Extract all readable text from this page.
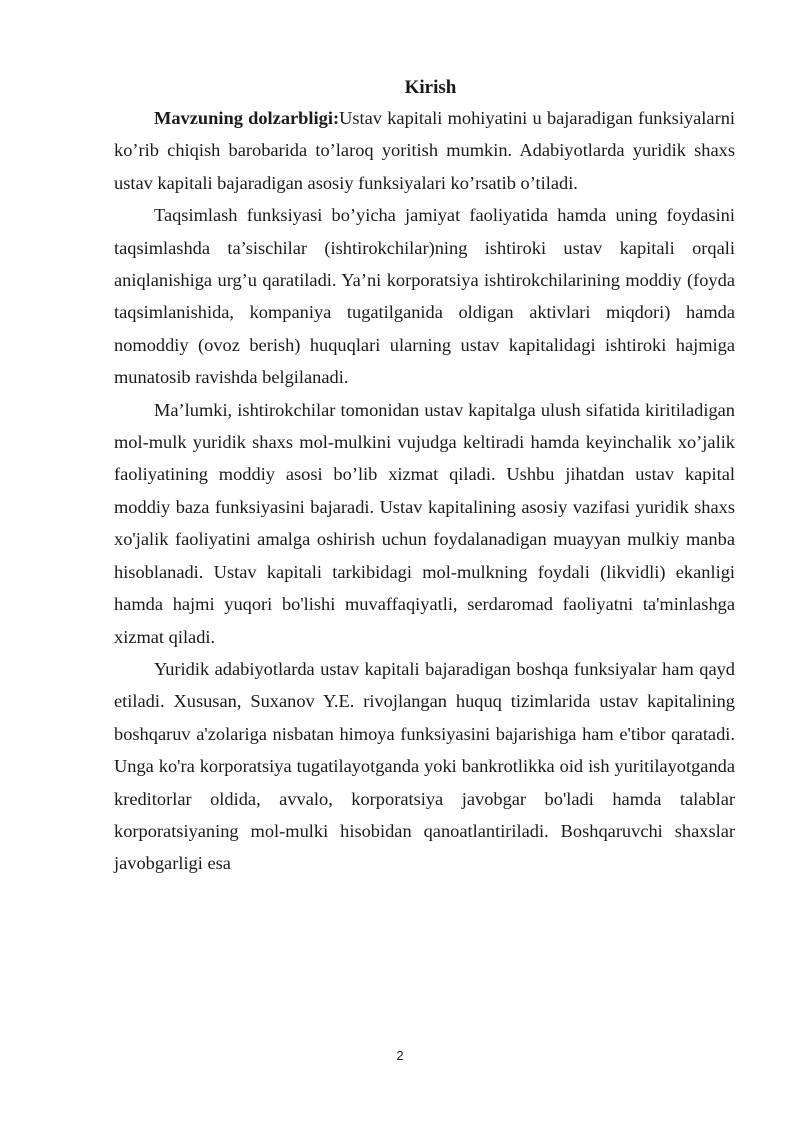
Kirish

Mavzuning dolzarbligi:Ustav kapitali mohiyatini u bajaradigan funksiyalarni ko’rib chiqish barobarida to’laroq yoritish mumkin. Adabiyotlarda yuridik shaxs ustav kapitali bajaradigan asosiy funksiyalari ko’rsatib o’tiladi.

Taqsimlash funksiyasi bo’yicha jamiyat faoliyatida hamda uning foydasini taqsimlashda ta’sischilar (ishtirokchilar)ning ishtiroki ustav kapitali orqali aniqlanishiga urg’u qaratiladi. Ya’ni korporatsiya ishtirokchilarining moddiy (foyda taqsimlanishida, kompaniya tugatilganida oldigan aktivlari miqdori) hamda nomoddiy (ovoz berish) huquqlari ularning ustav kapitalidagi ishtiroki hajmiga munatosib ravishda belgilanadi.

Ma’lumki, ishtirokchilar tomonidan ustav kapitalga ulush sifatida kiritiladigan mol-mulk yuridik shaxs mol-mulkini vujudga keltiradi hamda keyinchalik xo’jalik faoliyatining moddiy asosi bo’lib xizmat qiladi. Ushbu jihatdan ustav kapital moddiy baza funksiyasini bajaradi. Ustav kapitalining asosiy vazifasi yuridik shaxs xo'jalik faoliyatini amalga oshirish uchun foydalanadigan muayyan mulkiy manba hisoblanadi. Ustav kapitali tarkibidagi mol-mulkning foydali (likvidli) ekanligi hamda hajmi yuqori bo'lishi muvaffaqiyatli, serdaromad faoliyatni ta'minlashga xizmat qiladi.

Yuridik adabiyotlarda ustav kapitali bajaradigan boshqa funksiyalar ham qayd etiladi. Xususan, Suxanov Y.E. rivojlangan huquq tizimlarida ustav kapitalining boshqaruv a'zolariga nisbatan himoya funksiyasini bajarishiga ham e'tibor qaratadi. Unga ko'ra korporatsiya tugatilayotganda yoki bankrotlikka oid ish yuritilayotganda kreditorlar oldida, avvalo, korporatsiya javobgar bo'ladi hamda talablar korporatsiyaning mol-mulki hisobidan qanoatlantiriladi. Boshqaruvchi shaxslar javobgarligi esa

2
